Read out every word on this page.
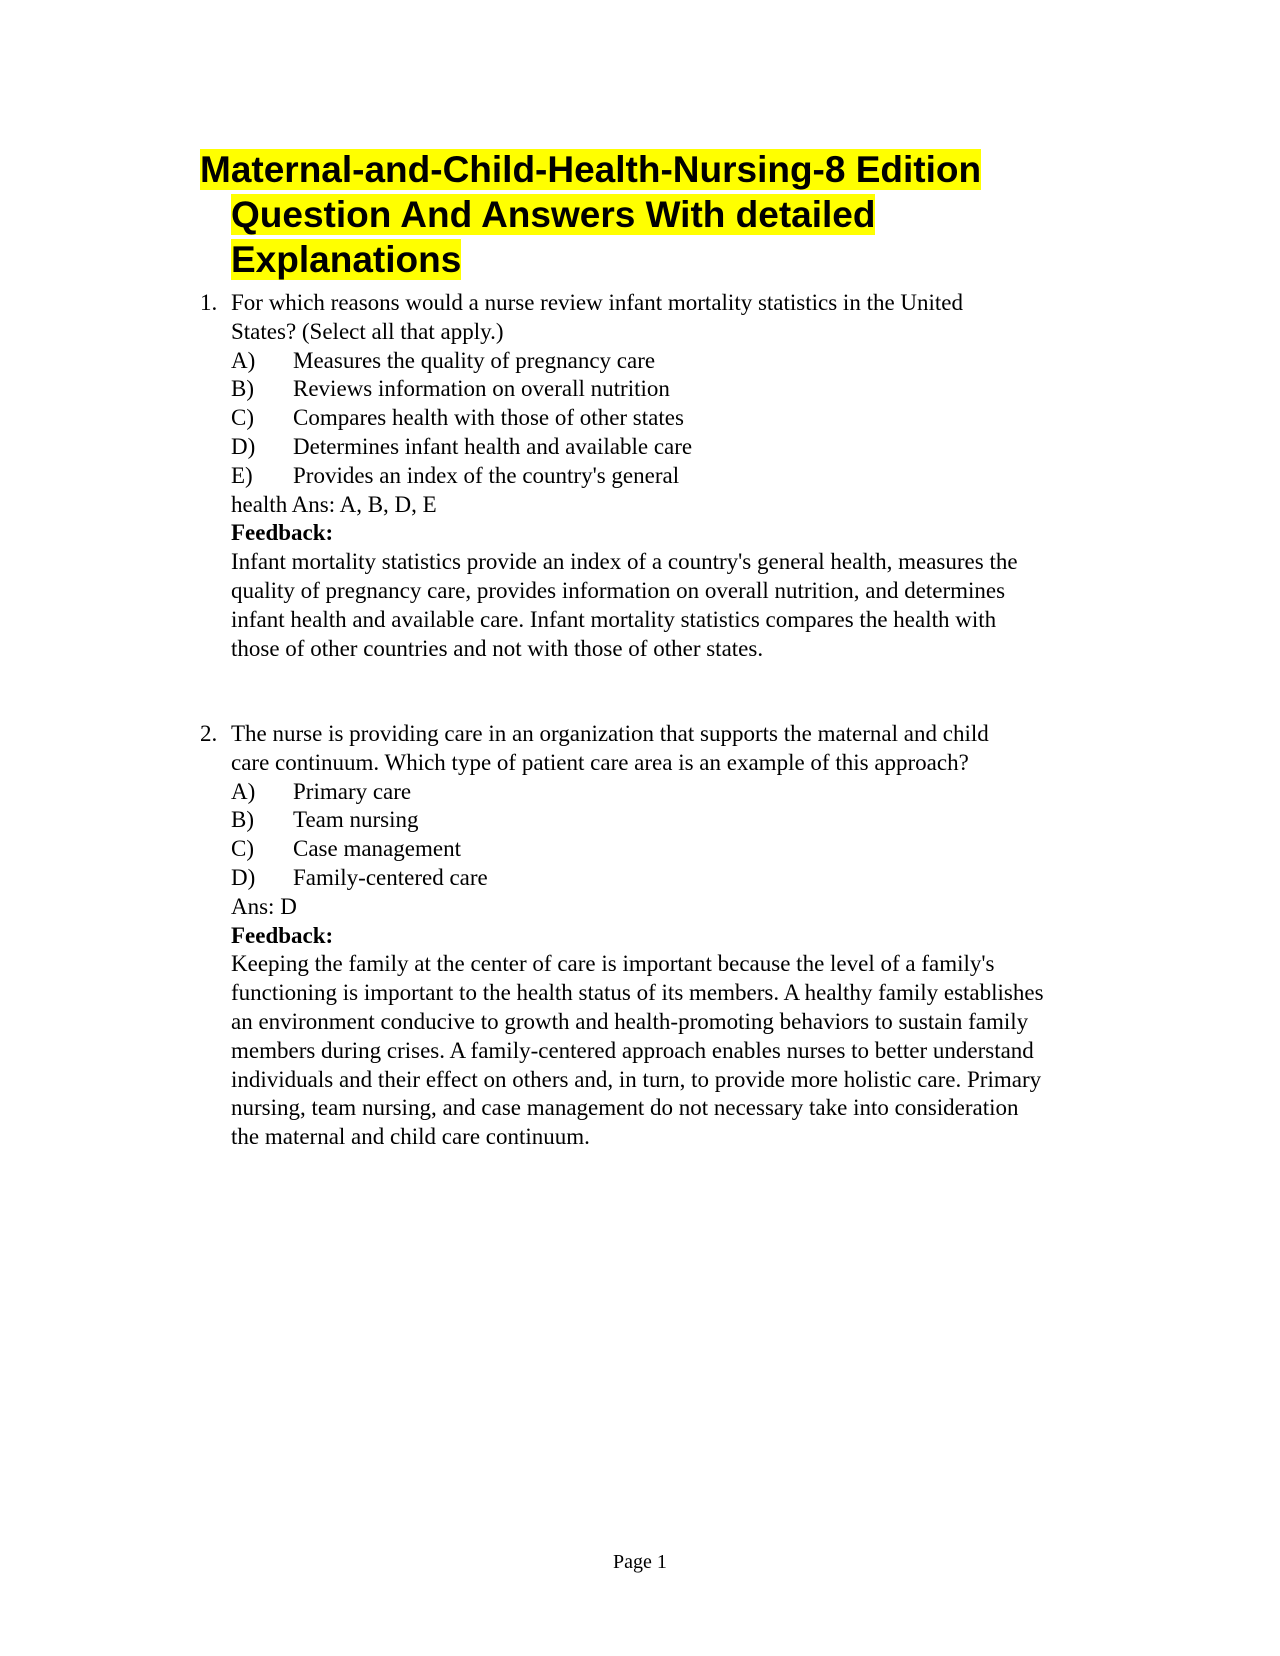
Maternal-and-Child-Health-Nursing-8 Edition
Question And Answers With detailed
Explanations
1. For which reasons would a nurse review infant mortality statistics in the United
States? (Select all that apply.)
A) Measures the quality of pregnancy care
B) Reviews information on overall nutrition
C) Compares health with those of other states
D) Determines infant health and available care
E) Provides an index of the country's general
health Ans: A, B, D, E
Feedback:
Infant mortality statistics provide an index of a country's general health, measures the
quality of pregnancy care, provides information on overall nutrition, and determines
infant health and available care. Infant mortality statistics compares the health with
those of other countries and not with those of other states.
2. The nurse is providing care in an organization that supports the maternal and child
care continuum. Which type of patient care area is an example of this approach?
A) Primary care
B) Team nursing
C) Case management
D) Family-centered care
Ans: D
Feedback:
Keeping the family at the center of care is important because the level of a family's
functioning is important to the health status of its members. A healthy family establishes
an environment conducive to growth and health-promoting behaviors to sustain family
members during crises. A family-centered approach enables nurses to better understand
individuals and their effect on others and, in turn, to provide more holistic care. Primary
nursing, team nursing, and case management do not necessary take into consideration
the maternal and child care continuum.
Page 1
